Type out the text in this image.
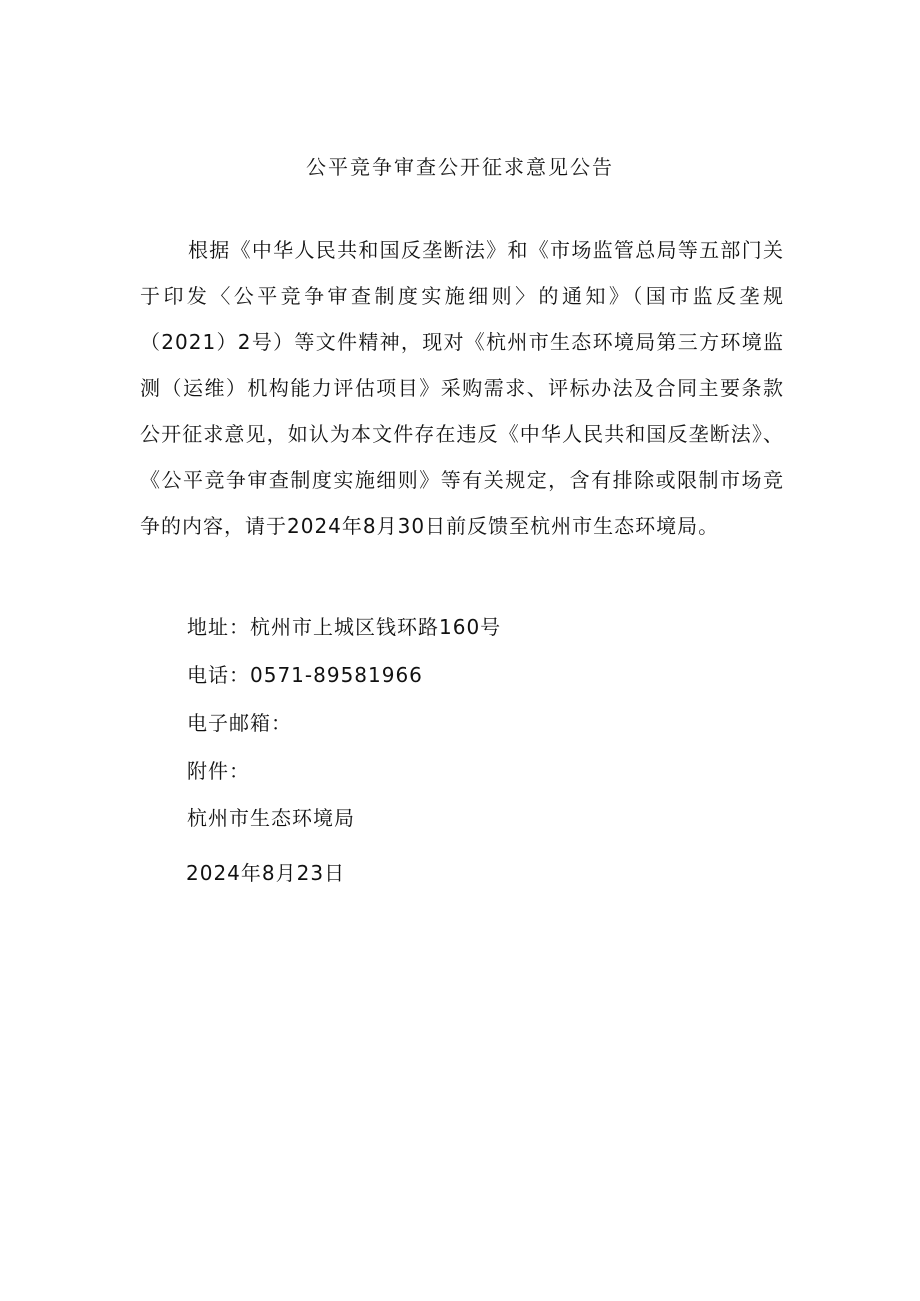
公平竞争审查公开征求意见公告

根据《中华人民共和国反垄断法》和《市场监管总局等五部门关于印发〈公平竞争审查制度实施细则〉的通知》（国市监反垄规（2021）2号）等文件精神，现对《杭州市生态环境局第三方环境监测（运维）机构能力评估项目》采购需求、评标办法及合同主要条款公开征求意见，如认为本文件存在违反《中华人民共和国反垄断法》、《公平竞争审查制度实施细则》等有关规定，含有排除或限制市场竞争的内容，请于2024年8月30日前反馈至杭州市生态环境局。

地址：杭州市上城区钱环路160号
电话：0571-89581966
电子邮箱：
附件：
杭州市生态环境局
2024年8月23日
